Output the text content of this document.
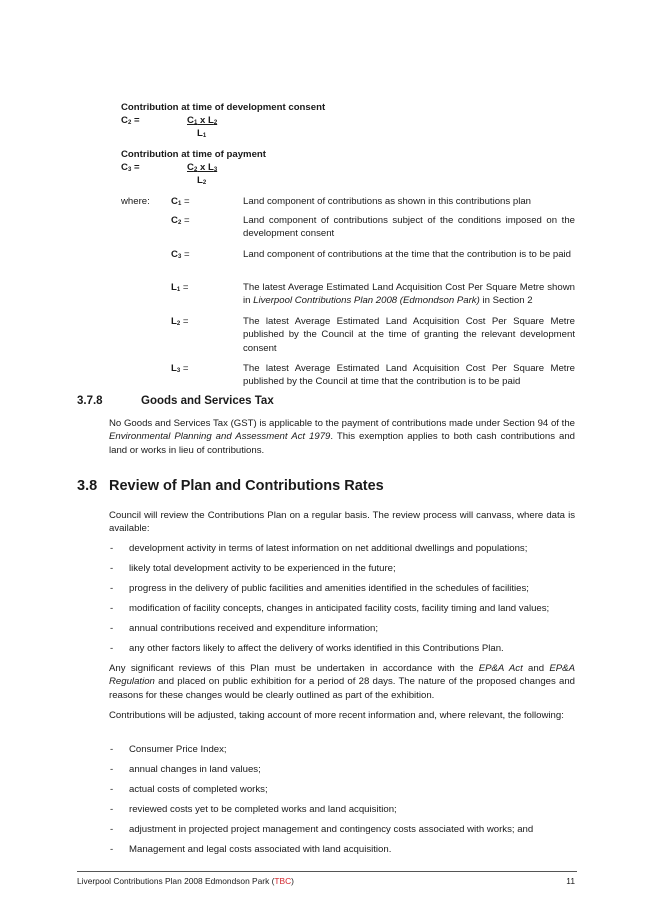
Contribution at time of development consent
$C_2$ =	$C_1$ x $L_2$
$L_1$
Contribution at time of payment
$C_3$ =	$C_2$ x $L_3$
$L_2$
where: $C_1$ =	Land component of contributions as shown in this contributions plan
$C_2$ =	Land component of contributions subject of the conditions imposed on the development consent
$C_3$ =	Land component of contributions at the time that the contribution is to be paid
$L_1$ =	The latest Average Estimated Land Acquisition Cost Per Square Metre shown in Liverpool Contributions Plan 2008 (Edmondson Park) in Section 2
$L_2$ =	The latest Average Estimated Land Acquisition Cost Per Square Metre published by the Council at the time of granting the relevant development consent
$L_3$ =	The latest Average Estimated Land Acquisition Cost Per Square Metre published by the Council at time that the contribution is to be paid
3.7.8	Goods and Services Tax
No Goods and Services Tax (GST) is applicable to the payment of contributions made under Section 94 of the Environmental Planning and Assessment Act 1979. This exemption applies to both cash contributions and land or works in lieu of contributions.
3.8 Review of Plan and Contributions Rates
Council will review the Contributions Plan on a regular basis. The review process will canvass, where data is available:
- development activity in terms of latest information on net additional dwellings and populations;
- likely total development activity to be experienced in the future;
- progress in the delivery of public facilities and amenities identified in the schedules of facilities;
- modification of facility concepts, changes in anticipated facility costs, facility timing and land values;
- annual contributions received and expenditure information;
- any other factors likely to affect the delivery of works identified in this Contributions Plan.
Any significant reviews of this Plan must be undertaken in accordance with the EP&A Act and EP&A Regulation and placed on public exhibition for a period of 28 days. The nature of the proposed changes and reasons for these changes would be clearly outlined as part of the exhibition.
Contributions will be adjusted, taking account of more recent information and, where relevant, the following:
- Consumer Price Index;
- annual changes in land values;
- actual costs of completed works;
- reviewed costs yet to be completed works and land acquisition;
- adjustment in projected project management and contingency costs associated with works; and
- Management and legal costs associated with land acquisition.
Liverpool Contributions Plan 2008 Edmondson Park (TBC)	11
